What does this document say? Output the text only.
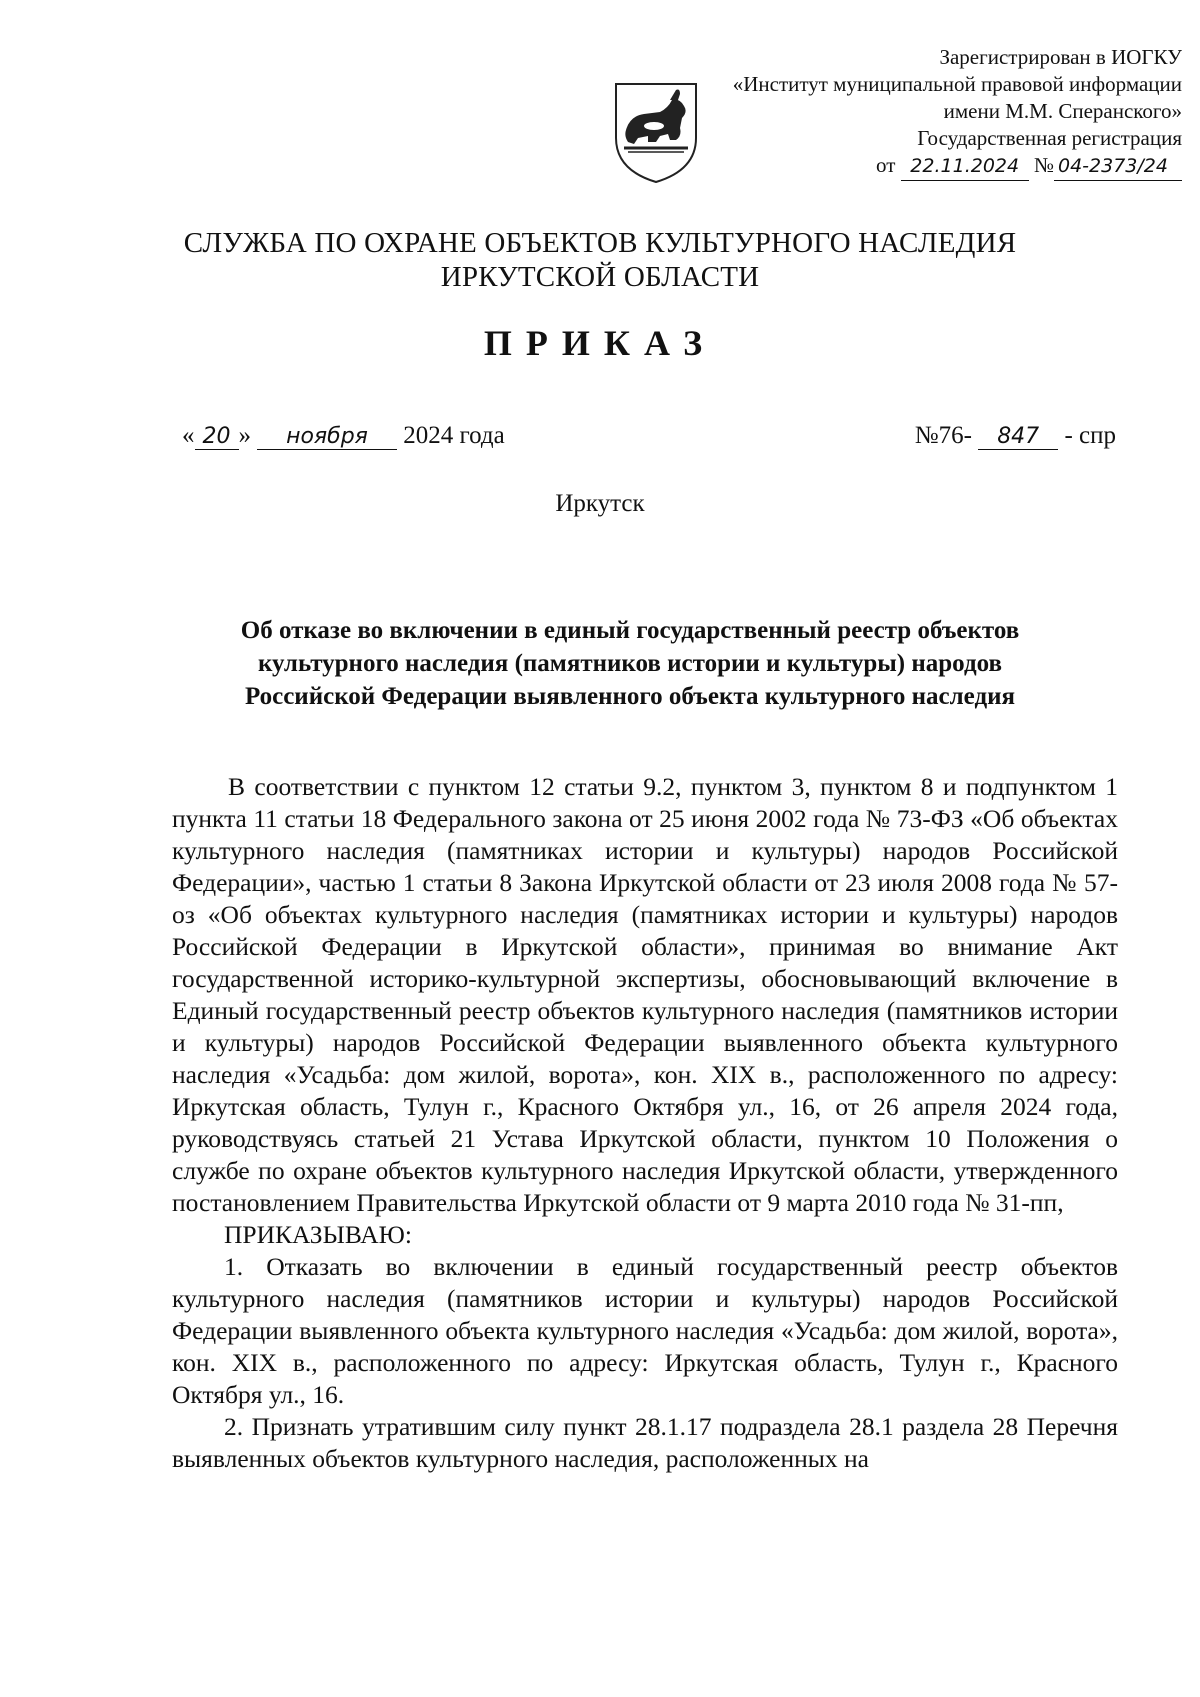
Зарегистрирован в ИОГКУ
«Институт муниципальной правовой информации
имени М.М. Сперанского»
Государственная регистрация
от 22.11.2024 № 04-2373/24
СЛУЖБА ПО ОХРАНЕ ОБЪЕКТОВ КУЛЬТУРНОГО НАСЛЕДИЯ
ИРКУТСКОЙ ОБЛАСТИ
ПРИКАЗ
« 20 » ноября 2024 года	№76- 847 - спр
Иркутск
Об отказе во включении в единый государственный реестр объектов
культурного наследия (памятников истории и культуры) народов
Российской Федерации выявленного объекта культурного наследия

В соответствии с пунктом 12 статьи 9.2, пунктом 3, пунктом 8 и подпунктом 1 пункта 11 статьи 18 Федерального закона от 25 июня 2002 года № 73-ФЗ «Об объектах культурного наследия (памятниках истории и культуры) народов Российской Федерации», частью 1 статьи 8 Закона Иркутской области от 23 июля 2008 года № 57-оз «Об объектах культурного наследия (памятниках истории и культуры) народов Российской Федерации в Иркутской области», принимая во внимание Акт государственной историко-культурной экспертизы, обосновывающий включение в Единый государственный реестр объектов культурного наследия (памятников истории и культуры) народов Российской Федерации выявленного объекта культурного наследия «Усадьба: дом жилой, ворота», кон. XIX в., расположенного по адресу: Иркутская область, Тулун г., Красного Октября ул., 16, от 26 апреля 2024 года, руководствуясь статьей 21 Устава Иркутской области, пунктом 10 Положения о службе по охране объектов культурного наследия Иркутской области, утвержденного постановлением Правительства Иркутской области от 9 марта 2010 года № 31-пп,

ПРИКАЗЫВАЮ:

1. Отказать во включении в единый государственный реестр объектов культурного наследия (памятников истории и культуры) народов Российской Федерации выявленного объекта культурного наследия «Усадьба: дом жилой, ворота», кон. XIX в., расположенного по адресу: Иркутская область, Тулун г., Красного Октября ул., 16.

2. Признать утратившим силу пункт 28.1.17 подраздела 28.1 раздела 28 Перечня выявленных объектов культурного наследия, расположенных на
